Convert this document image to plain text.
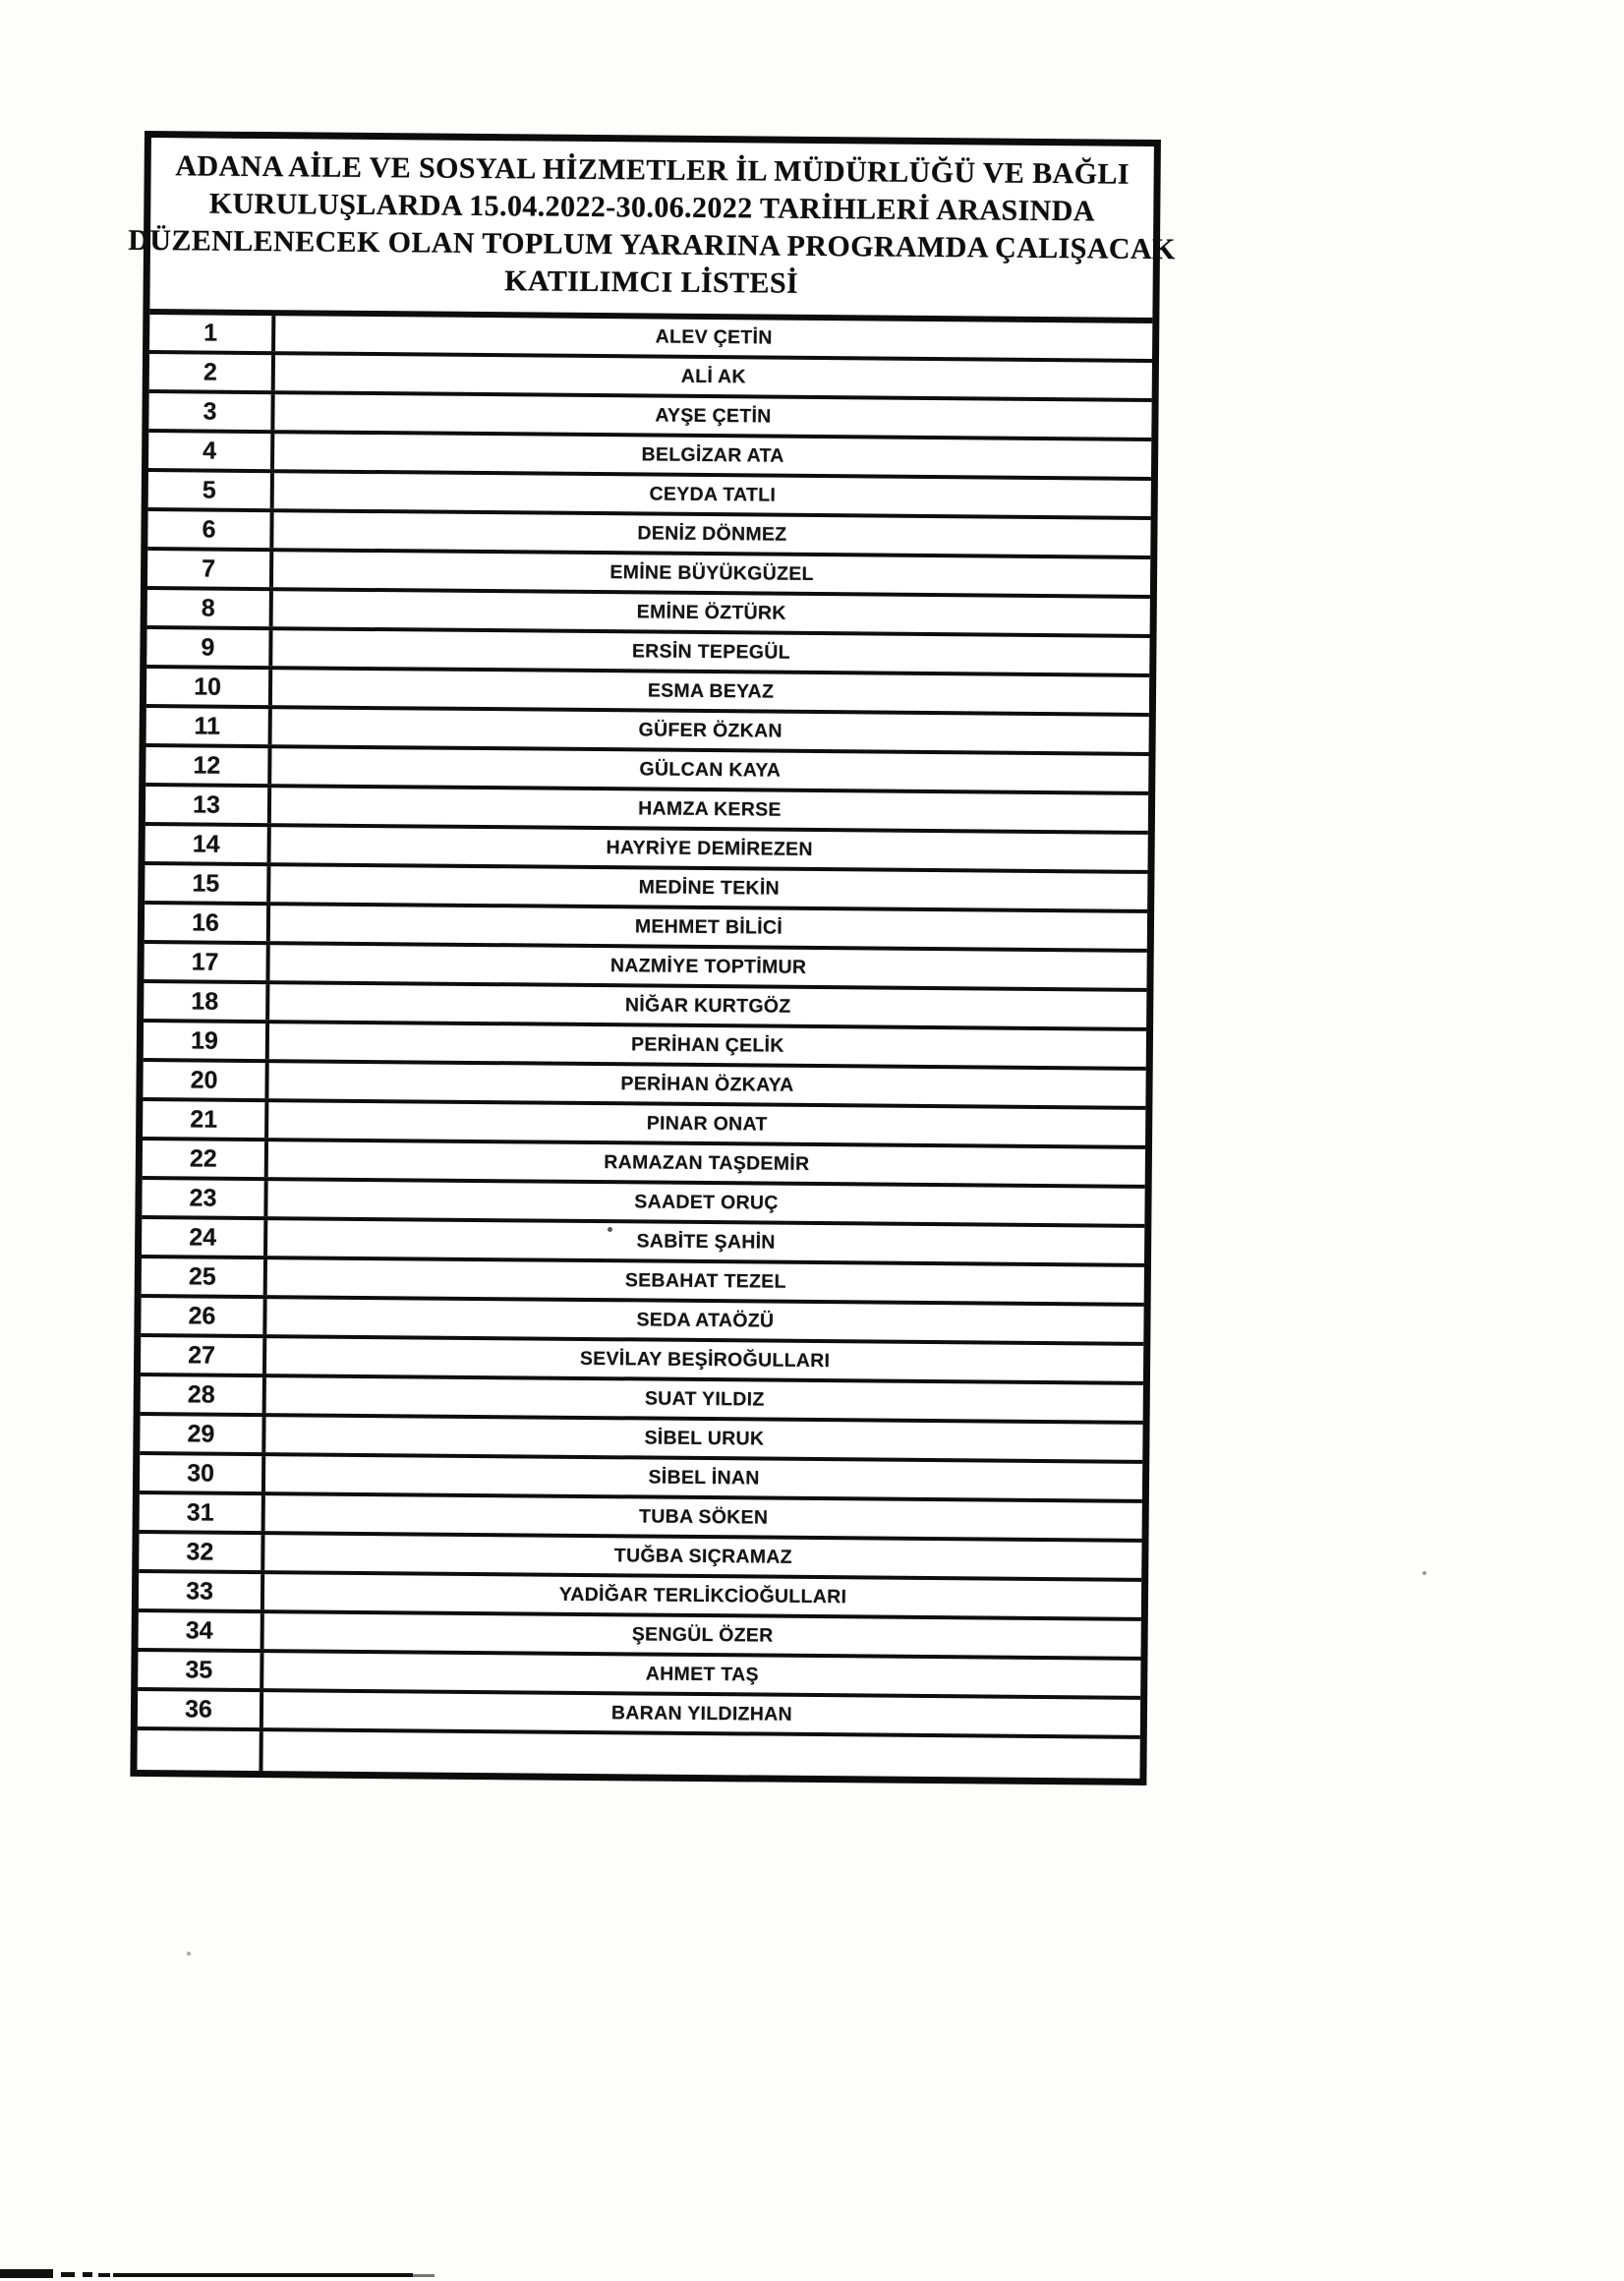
ADANA AİLE VE SOSYAL HİZMETLER İL MÜDÜRLÜĞÜ VE BAĞLI
KURULUŞLARDA 15.04.2022-30.06.2022 TARİHLERİ ARASINDA
DÜZENLENECEK OLAN TOPLUM YARARINA PROGRAMDA ÇALIŞACAK
KATILIMCI LİSTESİ
1	ALEV ÇETİN
2	ALİ AK
3	AYŞE ÇETİN
4	BELGİZAR ATA
5	CEYDA TATLI
6	DENİZ DÖNMEZ
7	EMİNE BÜYÜKGÜZEL
8	EMİNE ÖZTÜRK
9	ERSİN TEPEGÜL
10	ESMA BEYAZ
11	GÜFER ÖZKAN
12	GÜLCAN KAYA
13	HAMZA KERSE
14	HAYRİYE DEMİREZEN
15	MEDİNE TEKİN
16	MEHMET BİLİCİ
17	NAZMİYE TOPTİMUR
18	NİĞAR KURTGÖZ
19	PERİHAN ÇELİK
20	PERİHAN ÖZKAYA
21	PINAR ONAT
22	RAMAZAN TAŞDEMİR
23	SAADET ORUÇ
24	SABİTE ŞAHİN
25	SEBAHAT TEZEL
26	SEDA ATAÖZÜ
27	SEVİLAY BEŞİROĞULLARI
28	SUAT YILDIZ
29	SİBEL URUK
30	SİBEL İNAN
31	TUBA SÖKEN
32	TUĞBA SIÇRAMAZ
33	YADİĞAR TERLİKCİOĞULLARI
34	ŞENGÜL ÖZER
35	AHMET TAŞ
36	BARAN YILDIZHAN
